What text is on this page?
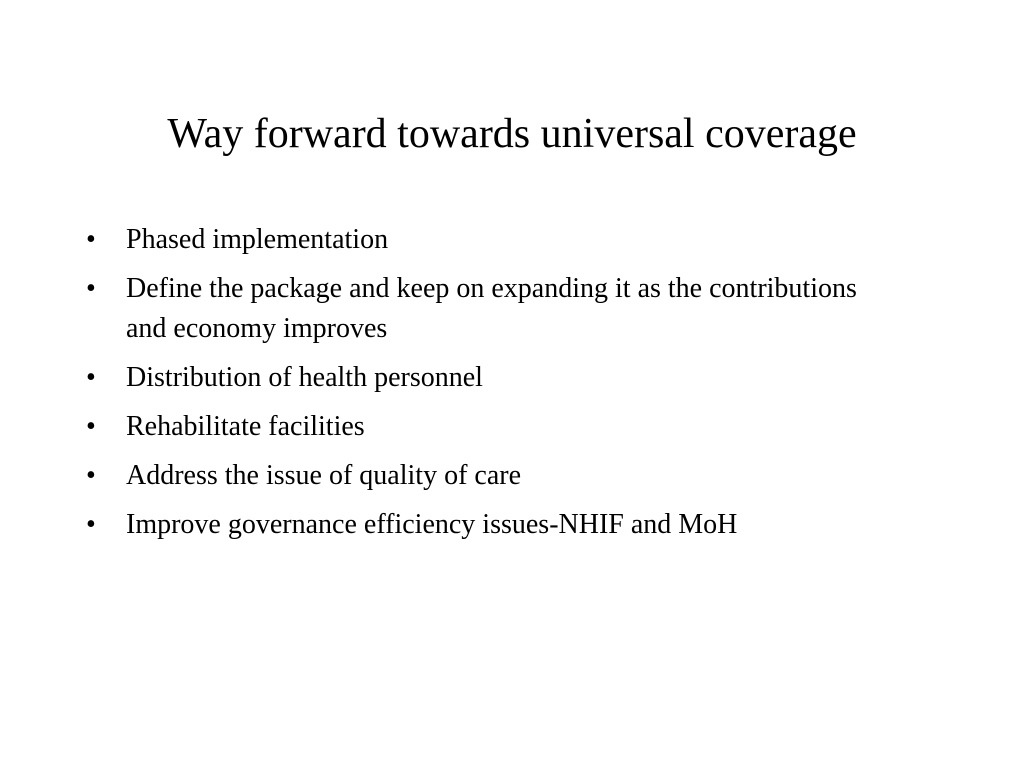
Way forward towards universal coverage
•	Phased implementation
•	Define the package and keep on expanding it as the contributions and economy improves
•	Distribution of health personnel
•	Rehabilitate facilities
•	Address the issue of quality of care
•	Improve governance efficiency issues-NHIF and MoH
